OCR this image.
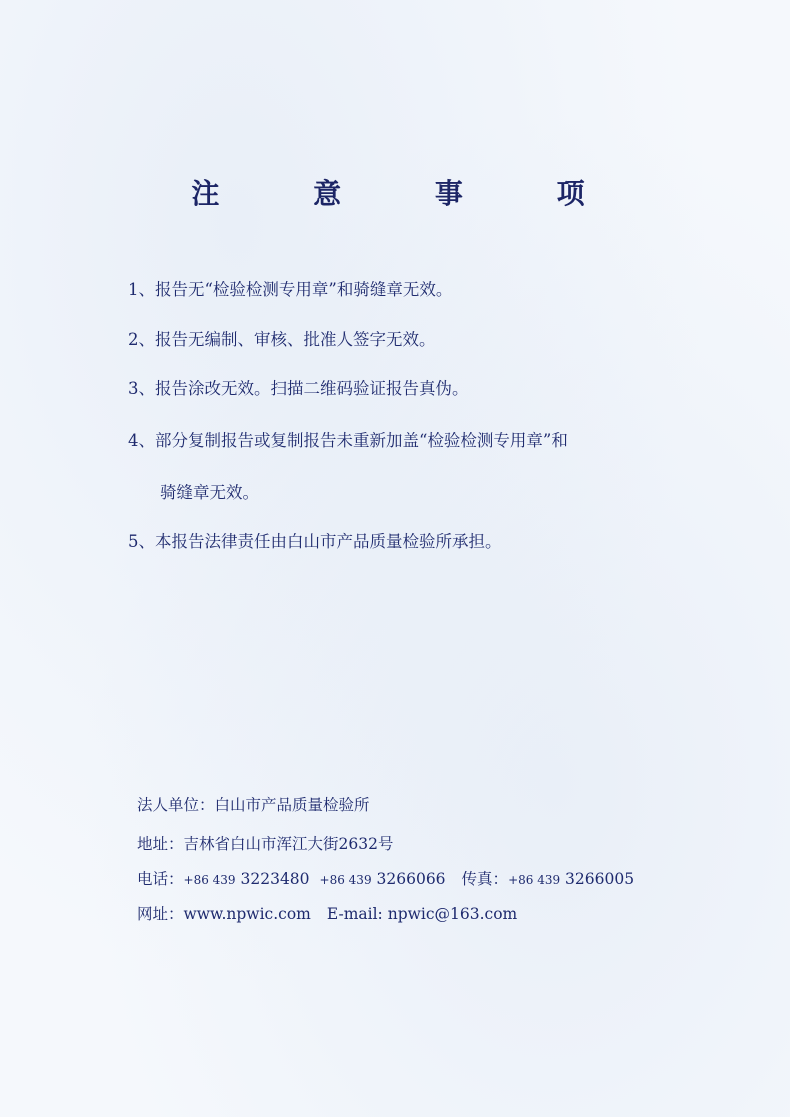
注 意 事 项
1、报告无“检验检测专用章”和骑缝章无效。
2、报告无编制、审核、批准人签字无效。
3、报告涂改无效。扫描二维码验证报告真伪。
4、部分复制报告或复制报告未重新加盖“检验检测专用章”和
骑缝章无效。
5、本报告法律责任由白山市产品质量检验所承担。
法人单位：白山市产品质量检验所
地址：吉林省白山市浑江大街2632号
电话：+86 439 3223480 +86 439 3266066 传真：+86 439 3266005
网址：www.npwic.com E-mail: npwic@163.com
